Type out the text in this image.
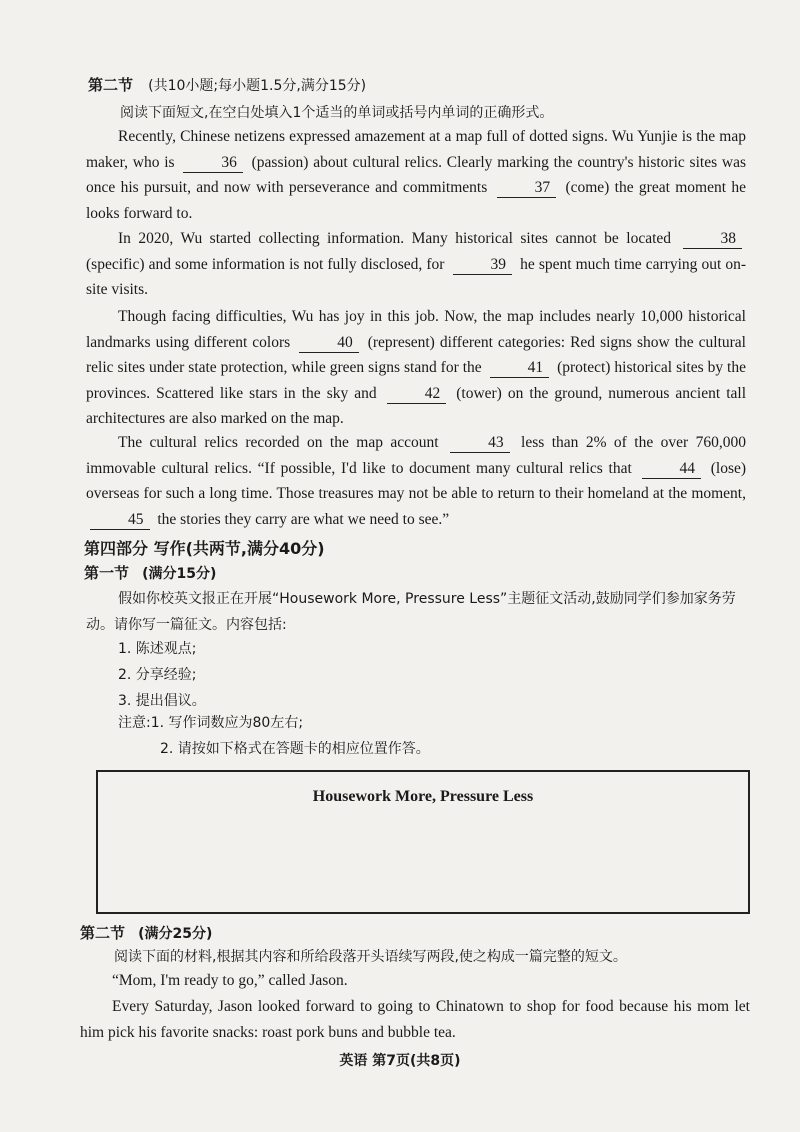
第二节 (共10小题;每小题1.5分,满分15分)
阅读下面短文,在空白处填入1个适当的单词或括号内单词的正确形式。
Recently, Chinese netizens expressed amazement at a map full of dotted signs. Wu Yunjie is the map maker, who is	36 (passion) about cultural relics. Clearly marking the country's historic sites was once his pursuit, and now with perseverance and commitments	37 (come) the great moment he looks forward to.
In 2020, Wu started collecting information. Many historical sites cannot be located	38 (specific) and some information is not fully disclosed, for	39 he spent much time carrying out on-site visits.
Though facing difficulties, Wu has joy in this job. Now, the map includes nearly 10,000 historical landmarks using different colors	40 (represent) different categories: Red signs show the cultural relic sites under state protection, while green signs stand for the	41 (protect) historical sites by the provinces. Scattered like stars in the sky and	42 (tower) on the ground, numerous ancient tall architectures are also marked on the map.
The cultural relics recorded on the map account	43 less than 2% of the over 760,000 immovable cultural relics. “If possible, I'd like to document many cultural relics that	44 (lose) overseas for such a long time. Those treasures may not be able to return to their homeland at the moment, 45 the stories they carry are what we need to see.”
第四部分 写作(共两节,满分40分)
第一节 (满分15分)
假如你校英文报正在开展“Housework More, Pressure Less”主题征文活动,鼓励同学们参加家务劳动。请你写一篇征文。内容包括:
1. 陈述观点;
2. 分享经验;
3. 提出倡议。
注意:1. 写作词数应为80左右;
2. 请按如下格式在答题卡的相应位置作答。
Housework More, Pressure Less
第二节 (满分25分)
阅读下面的材料,根据其内容和所给段落开头语续写两段,使之构成一篇完整的短文。
“Mom, I'm ready to go,” called Jason.
Every Saturday, Jason looked forward to going to Chinatown to shop for food because his mom let him pick his favorite snacks: roast pork buns and bubble tea.
英语 第7页(共8页)
